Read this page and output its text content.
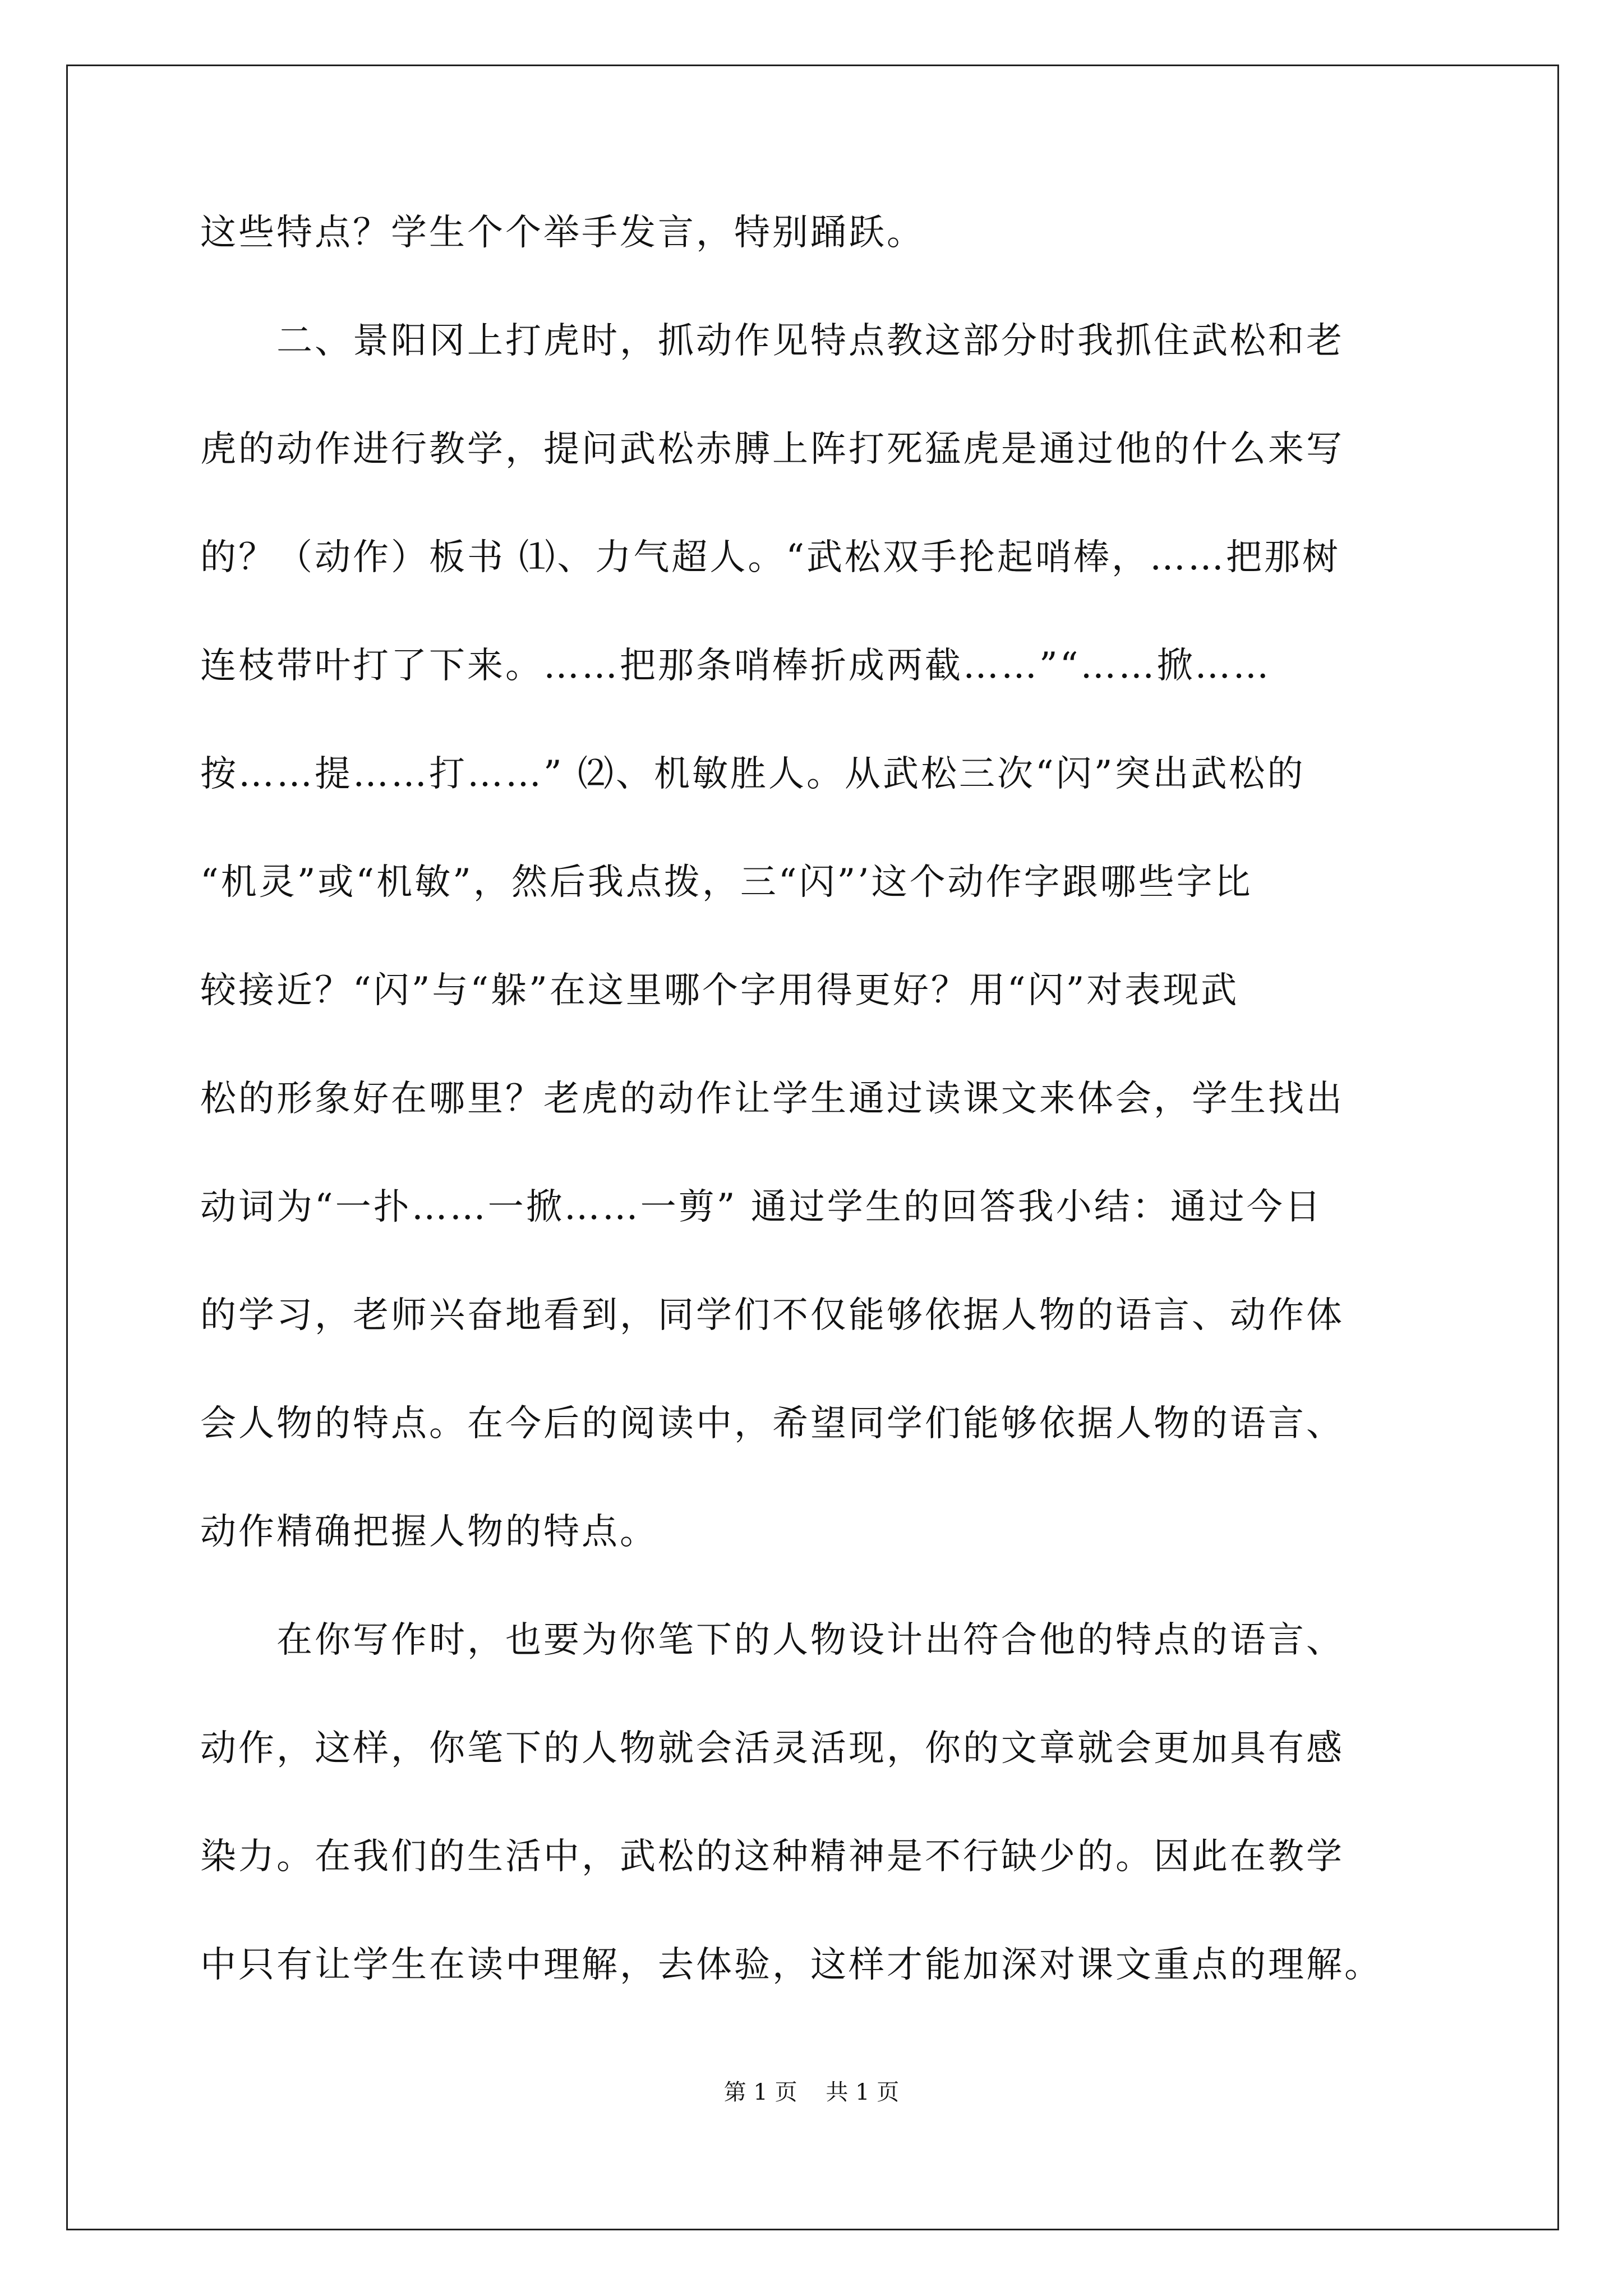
这些特点？学生个个举手发言，特别踊跃。
　　二、景阳冈上打虎时，抓动作见特点教这部分时我抓住武松和老
虎的动作进行教学，提问武松赤膊上阵打死猛虎是通过他的什么来写
的？（动作）板书 ⑴、力气超人。“武松双手抡起哨棒，……把那树
连枝带叶打了下来。……把那条哨棒折成两截……”“……掀……
按……提……打……” ⑵、机敏胜人。从武松三次“闪”突出武松的
“机灵”或“机敏”，然后我点拨，三“闪”’这个动作字跟哪些字比
较接近？“闪”与“躲”在这里哪个字用得更好？用“闪”对表现武
松的形象好在哪里？老虎的动作让学生通过读课文来体会，学生找出
动词为“一扑……一掀……一剪” 通过学生的回答我小结：通过今日
的学习，老师兴奋地看到，同学们不仅能够依据人物的语言、动作体
会人物的特点。在今后的阅读中，希望同学们能够依据人物的语言、
动作精确把握人物的特点。
　　在你写作时，也要为你笔下的人物设计出符合他的特点的语言、
动作，这样，你笔下的人物就会活灵活现，你的文章就会更加具有感
染力。在我们的生活中，武松的这种精神是不行缺少的。因此在教学
中只有让学生在读中理解，去体验，这样才能加深对课文重点的理解。
第 1 页    共 1 页
